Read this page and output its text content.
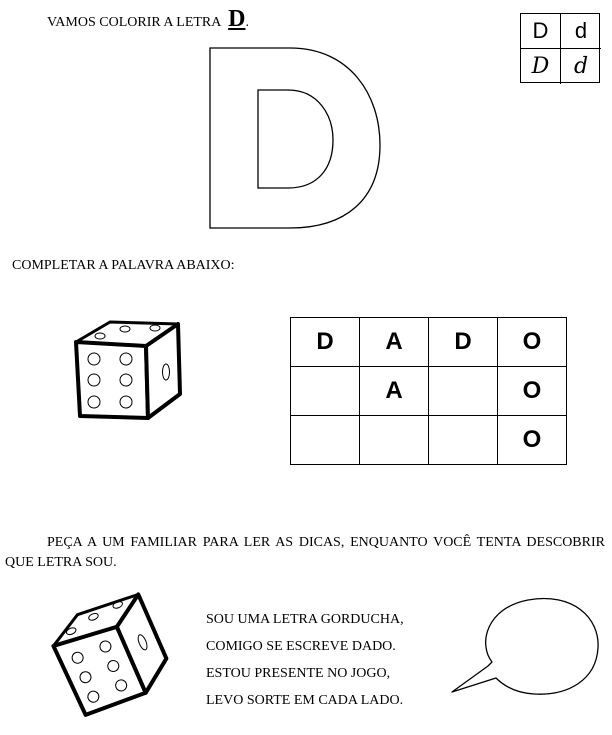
VAMOS COLORIR A LETRA D.	D	d
D	d
COMPLETAR A PALAVRA ABAIXO:
D	A	D	O
	A		O
			O
PEÇA A UM FAMILIAR PARA LER AS DICAS, ENQUANTO VOCÊ TENTA DESCOBRIR QUE LETRA SOU.
SOU UMA LETRA GORDUCHA,
COMIGO SE ESCREVE DADO.
ESTOU PRESENTE NO JOGO,
LEVO SORTE EM CADA LADO.
